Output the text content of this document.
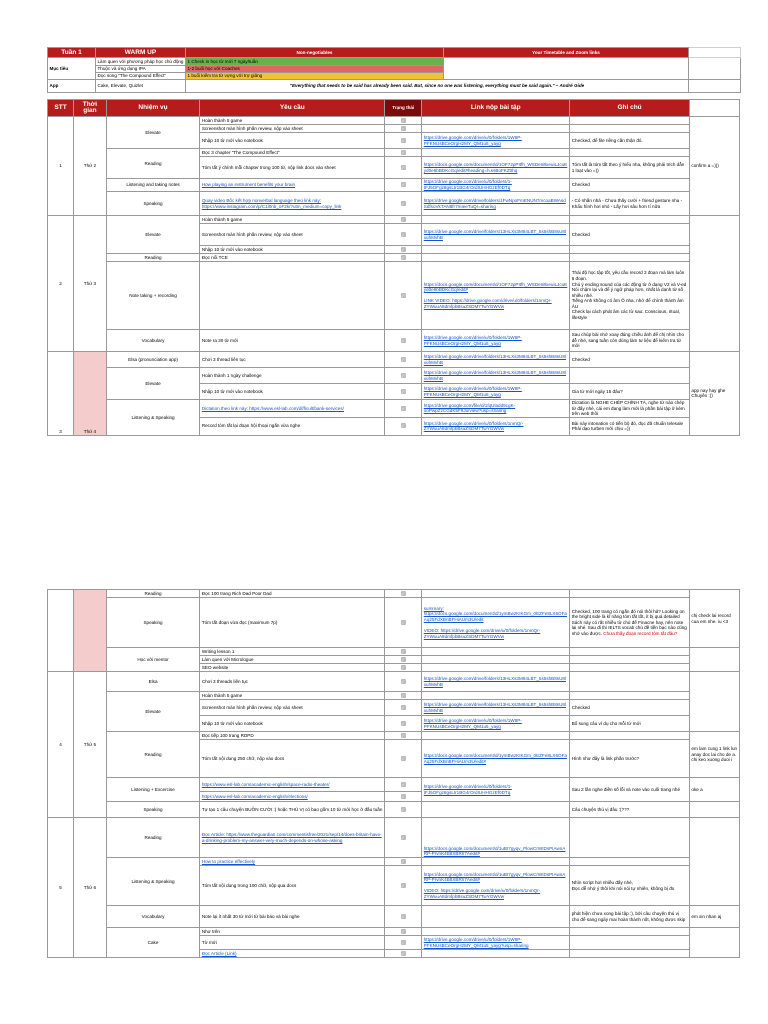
Tuần 1	WARM UP	Non-negotiables	Your Timetable and Zoom links	
Mục tiêu	Làm quen với phương pháp học chủ động	1 Check in học từ mới 7 ngày/tuần		
	Thuộc và ứng dụng IPA	1-2 buổi học với Coaches		
	Đọc song "The Compound Effect"	1 buổi kiểm tra từ vựng với trợ giảng		
App	Cake, Elevate, Quizlet	"Everything that needs to be said has already been said. But, since no one was listening, everything must be said again." – André Gide		
STT	Thời gian	Nhiệm vụ	Yêu cầu	Trạng thái	Link nộp bài tập	Ghi chú	
1	Thứ 2	Elevate	Hoàn thành 5 game	✓			confirm a =)))
			Screenshot màn hình phần review, nộp vào sheet	✓			
			Nhập 10 từ mới vào notebook	✓	https://drive.google.com/drive/u/0/folders/1W8P-PFKNUsBCeOrgH2MY_QM1u5_yayg	Checked, để file riêng cần thận đó.	
		Reading	Đọc 3 chapter "The Compound Effect"	✓			
			Tóm tắt ý chính mỗi chapter trong 100 từ, nộp link docs vào sheet	✓	https://docs.google.com/document/d/1OF72pPItfh_WSDeWlxeuiLJcuEyd0e6bBDKcGq/edit#heading=h.ssBoFKZ0hq	Tóm tắt là tóm tắt theo ý hiểu nha, không phải trích dẫn 1 loạt vào =))	
		Listening and taking notes	How playing an instrument benefits your brain	✓	https://drive.google.com/drive/u/0/folders/1-tFJ5OFgz8gsLtr1BG4rOrdIUHHGzEf0DTq	Checked	
		Speaking	Quay video Bốc kết hợp nonverbal language theo link này: https://www.instagram.com/p/C1l0nb_oF2k/?utm_medium=copy_link	✓	https://drive.google.com/drive/folders/1FwNpoFmENUN7mcoaBWAsdSdfsoVkTAN8fr7mIeeTuQr=sharing	- Có nhấn nhá - Chưa thấy cười + friend gesture nha - Khẩu hình hơi nhỏ - Lấy hơi sâu hơn tí nữa	
2	Thứ 3	Elevate	Hoàn thành 5 game	✓			
			Screenshot màn hình phần review, nộp vào sheet	✓	https://drive.google.com/drive/folders/13HLXs3M84LBT_5s5shB8sU8lxuhMvhB	Checked	
			Nhập 10 từ mới vào notebook	✓			
		Reading	Đọc nổi TCE	✓			
		Note taking + recording		✓	https://docs.google.com/document/d/1OF72pPItfh_WSDeWlxeuiLJcuEyd0e6bBDKcGq/edit#

LINK VIDEO: https://drive.google.com/drive/u/0/folders/1nmQr-ZYWuuA8dmfpbBsuZSDM7TwYGWVw	Thái độ học tập tốt, yêu cầu record 3 đoạn mà làm luôn 6 đoạn.
Chú ý ending sound của các động từ ở dạng V2 và V-ed
Nói chậm lại và để ý ngữ pháp hơn, nhất là danh từ số nhiều nhé.
Tiếng Anh không có âm Ô nha, nhớ để chính thành âm ÂU
Check lại cách phát âm các từ sau: Conscious, ritual, lifestyle	
		Vocabulary	Note ra 30 từ mới	✓	https://drive.google.com/drive/u/0/folders/1W8P-PFKNUsBCeOrgH2MY_QM1u5_yayg	Sau chúp bài nhớ xoay đúng chiều ảnh để chị nhìn cho dễ nhé, sang tuần còn dùng làm tư liệu để kiểm tra từ mới	
3	Thứ 4	Elsa (pronunciation app)	Chơi 3 thread liên tục	✓	https://drive.google.com/drive/folders/13HLXs3M84LBT_5s5shB8sU8lxuhMvhB	Checked	app nay hay ghe Chuyên :))
		Elevate	Hoàn thành 1 ngày challenge	✓	https://drive.google.com/drive/folders/13HLXs3M84LBT_5s5shB8sU8lxuhMvhB		
			Nhập 10 từ mới vào notebook	✓	https://drive.google.com/drive/u/0/folders/1W8P-PFKNUsBCeOrgH2MY_QM1u5_yayg	Gia từ mới ngày 15 đâu?	
		Listening & Speaking	Dictation theo link này: https://www.esl-lab.com/difficult/bank-services/	✓	https://drive.google.com/file/d/1fqUladd9cgK-ooPwpZzCGdK5F9Ju/view?usp=sharing	Dictation là NGHE CHÉP CHÍNH TẢ, nghe từ nào chép từ đấy nhé, cái em đang làm mới là phần bài tập ở kèm trên web thôi	
			Record tóm tắt lại đoạn hội thoại ngắn vừa nghe	✓	https://drive.google.com/drive/u/0/folders/1nmQr-ZYWuuA8dmfpbBsuZSDM7TwYGWVw	Bài này intonation có tiến bộ đó, đọc đã chuẩn telesale
Phải dạo turben mới chịu =))	
		Reading	Đọc 100 trang Rich Dad Poor Dad	✓			chị check lai record cua em nhe. iu <3
		Speaking	Tóm tắt đoạn vừa đọc (maximum 7p)	✓	summary: https://docs.google.com/document/d/1ymBwzKIKGm_0EZFe8LX6OFaAq25FdXBnBFHiAUm3U/edit

VIDEO: https://drive.google.com/drive/u/0/folders/1nmQr-ZYWuuA8dmfpbBsuZSDM7TwYGWVw	Checked, 100 trang có ngắn đó nói thôi hả? Looking on the bright side là kĩ năng tóm tắt tốt, ít bị quá detailed Sách này có rất nhiều từ chủ để Finacne hay, nên note lại nhé. Sau đi thi IELTS vocab chủ đề tiền bạc nào cũng nhớ vào được. Chưa thấy đoạn record tóm tắt đâu?	
		Học với mentor	Writing lesson 1	✓			
			Làm quen với Micrologue	✓			
			SEO website	✓			
4	Thứ 5	Elsa	Chơi 3 threads liên tục	✓	https://drive.google.com/drive/folders/13HLXs3M84LBT_5s5shB8sU8lxuhMvhB		
		Elevate	Hoàn thành 5 game	✓			
			Screenshot màn hình phần review, nộp vào sheet	✓	https://drive.google.com/drive/folders/13HLXs3M84LBT_5s5shB8sU8lxuhMvhB	Checked	
			Nhập 10 từ mới vào notebook	✓	https://drive.google.com/drive/u/0/folders/1W8P-PFKNUsBCeOrgH2MY_QM1u5_yayg	Bổ sung câu ví dụ cho mỗi từ mới	
		Reading	Đọc tiếp 100 trang RDPD	✓			em lam cung 1 link lun anay doc lai cho de a. chi keo xuong duoi i
			Tóm tắt nội dung 250 chữ, nộp vào docs	✓	https://docs.google.com/document/d/1ymBwzKIKGm_0EZFe8LX6OFaAq25FdXBnBFHiAUm3U/edit#	Hình như đây là link phần trước?	
		Listening + Excercise	https://www.esl-lab.com/academic-english/space-radio-theater/	✓	https://drive.google.com/drive/u/0/folders/1-tFJ5OFgz8gsLtr1BG4rOrdIUHHGzEf0DTq	Sau 2 lần nghe điền số lỗi và note vào cuối trang nhé	oke a
			https://www.esl-lab.com/academic-english/elections/	✓			
		Speaking	Tự tạo 1 câu chuyện BUỒN CƯỜI :) hoặc THÚ VỊ có bao gồm 10 từ mới học ở đầu tuần	✓		Câu chuyện thú vị đâu :(???	
5	Thứ 6	Reading	Đọc Article: https://www.theguardian.com/commentisfree/2021/sep/14/does-britain-have-a-drinking-problem-my-answer-very-much-depends-on-whose-asking	✓	https://docs.google.com/document/d/1uBI7gyqv_PlowCrWIDsPIAwnARP-PrvnK4B8XBRh7Aedit#		
		Listening & Speaking	How to practice effectively	✓			
			Tóm tắt nội dung trong 100 chữ, nộp qua docs	✓	https://docs.google.com/document/d/1uBI7gyqv_PlowCrWIDsPIAwnARP-PrvnK4B8XBRh7Aedit#

VIDEO: https://drive.google.com/drive/u/0/folders/1nmQr-ZYWuuA8dmfpbBsuZSDM7TwYGWVw	Nhìn script hơi nhiều đấy nhé,
Đọc dễ nhớ ý thôi khi nói nói tự nhiên, không bị đo	
		Vocabulary	Note lại ít nhất 30 từ mới từ bài báo và bài nghe	✓		phát hiện chưa xong bài tập :), bởi câu chuyện thú vị cho để sang ngày mai hoàn thành nốt, không được skip	em xin nhan aj
		Cake	Như trên	✓			
			Từ mới	✓	https://drive.google.com/drive/u/0/folders/1W8P-PFKNUsBCeOrgH2MY_QM1u5_yayg?usp=sharing		
			Đọc Article (Link)	✓			
